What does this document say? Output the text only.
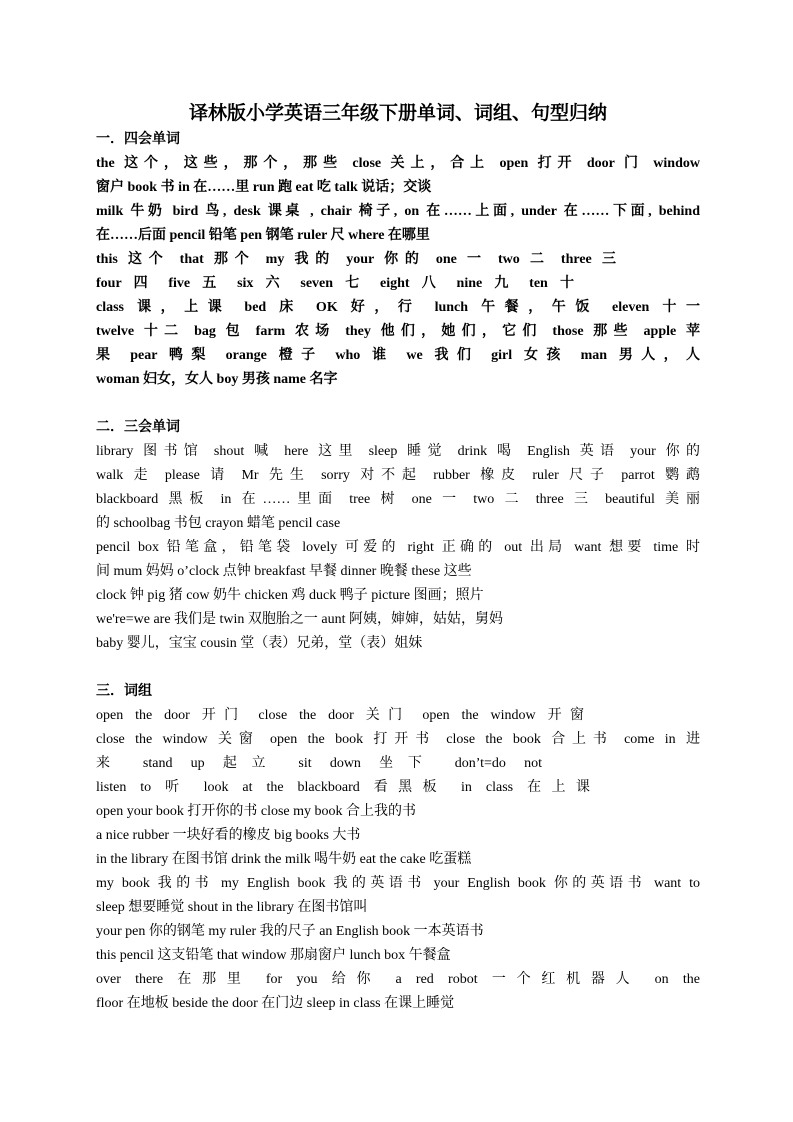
译林版小学英语三年级下册单词、词组、句型归纳
一．四会单词
the 这个，这些，那个，那些 close 关上，合上 open 打开 door 门 window
窗户 book 书 in 在……里 run 跑 eat 吃 talk 说话；交谈
milk 牛奶 bird 鸟, desk 课桌 , chair 椅子, on 在……上面, under 在……下面, behind
在……后面 pencil 铅笔 pen 钢笔 ruler 尺 where 在哪里
this 这个 that 那个 my 我的 your 你的 one 一 two 二 three 三
four 四 five 五 six 六 seven 七 eight 八 nine 九 ten 十
class 课，上课 bed 床 OK 好，行 lunch 午餐，午饭 eleven 十一
twelve 十二 bag 包 farm 农场 they 他们，她们，它们 those 那些 apple 苹
果 pear 鸭梨 orange 橙子 who 谁 we 我们 girl 女孩 man 男人，人
woman 妇女，女人 boy 男孩 name 名字
二．三会单词
library 图书馆 shout 喊 here 这里 sleep 睡觉 drink 喝 English 英语 your 你的
walk 走 please 请 Mr 先生 sorry 对不起 rubber 橡皮 ruler 尺子 parrot 鹦鹉
blackboard 黑板 in 在……里面 tree 树 one 一 two 二 three 三 beautiful 美丽
的 schoolbag 书包 crayon 蜡笔 pencil case
pencil box 铅笔盒，铅笔袋 lovely 可爱的 right 正确的 out 出局 want 想要 time 时
间 mum 妈妈 o’clock 点钟 breakfast 早餐 dinner 晚餐 these 这些
clock 钟 pig 猪 cow 奶牛 chicken 鸡 duck 鸭子 picture 图画；照片
we're=we are 我们是 twin 双胞胎之一 aunt 阿姨，婶婶，姑姑，舅妈
baby 婴儿，宝宝 cousin 堂（表）兄弟，堂（表）姐妹
三．词组
open the door 开门 close the door 关门 open the window 开窗
close the window 关窗 open the book 打开书 close the book 合上书 come in 进
来 stand up 起立 sit down 坐下 don’t=do not
listen to 听 look at the blackboard 看黑板 in class 在上课
open your book 打开你的书 close my book 合上我的书
a nice rubber 一块好看的橡皮 big books 大书
in the library 在图书馆 drink the milk 喝牛奶 eat the cake 吃蛋糕
my book 我的书 my English book 我的英语书 your English book 你的英语书 want to
sleep 想要睡觉 shout in the library 在图书馆叫
your pen 你的钢笔 my ruler 我的尺子 an English book 一本英语书
this pencil 这支铅笔 that window 那扇窗户 lunch box 午餐盒
over there 在那里 for you 给你 a red robot 一个红机器人 on the
floor 在地板 beside the door 在门边 sleep in class 在课上睡觉
